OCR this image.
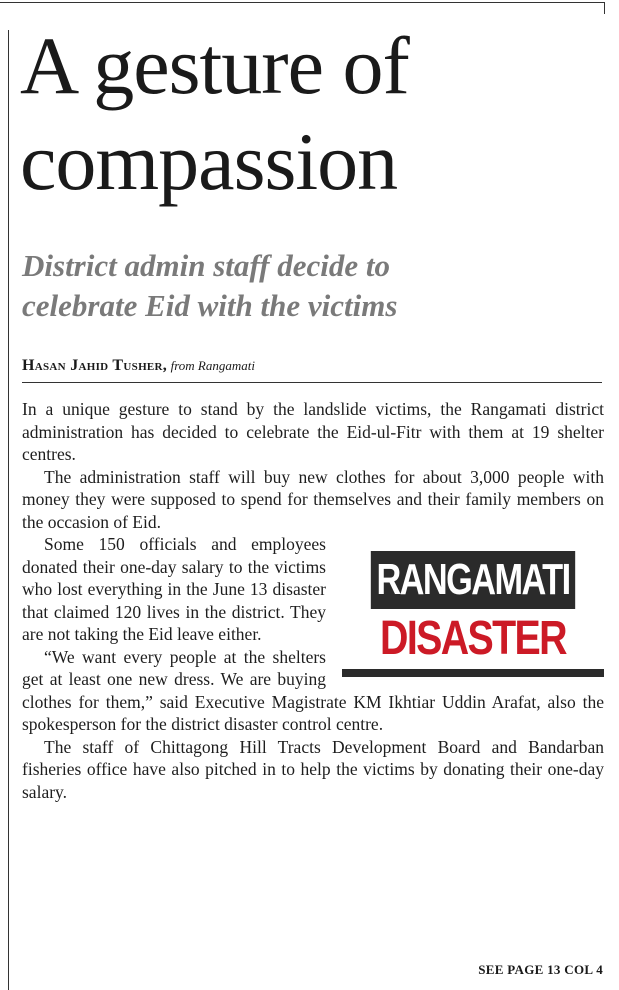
A gesture of
compassion
District admin staff decide to
celebrate Eid with the victims
Hasan Jahid Tusher, from Rangamati

In a unique gesture to stand by the landslide victims, the Rangamati district administration has decided to celebrate the Eid-ul-Fitr with them at 19 shelter centres.

The administration staff will buy new clothes for about 3,000 people with money they were supposed to spend for themselves and their family members on the occasion of Eid.

RANGAMATI
DISASTER

Some 150 officials and employees donated their one-day salary to the victims who lost everything in the June 13 disaster that claimed 120 lives in the district. They are not taking the Eid leave either.

“We want every people at the shelters get at least one new dress. We are buying clothes for them,” said Executive Magistrate KM Ikhtiar Uddin Arafat, also the spokesperson for the district disaster control centre.

The staff of Chittagong Hill Tracts Development Board and Bandarban fisheries office have also pitched in to help the victims by donating their one-day salary.

SEE PAGE 13 COL 4
